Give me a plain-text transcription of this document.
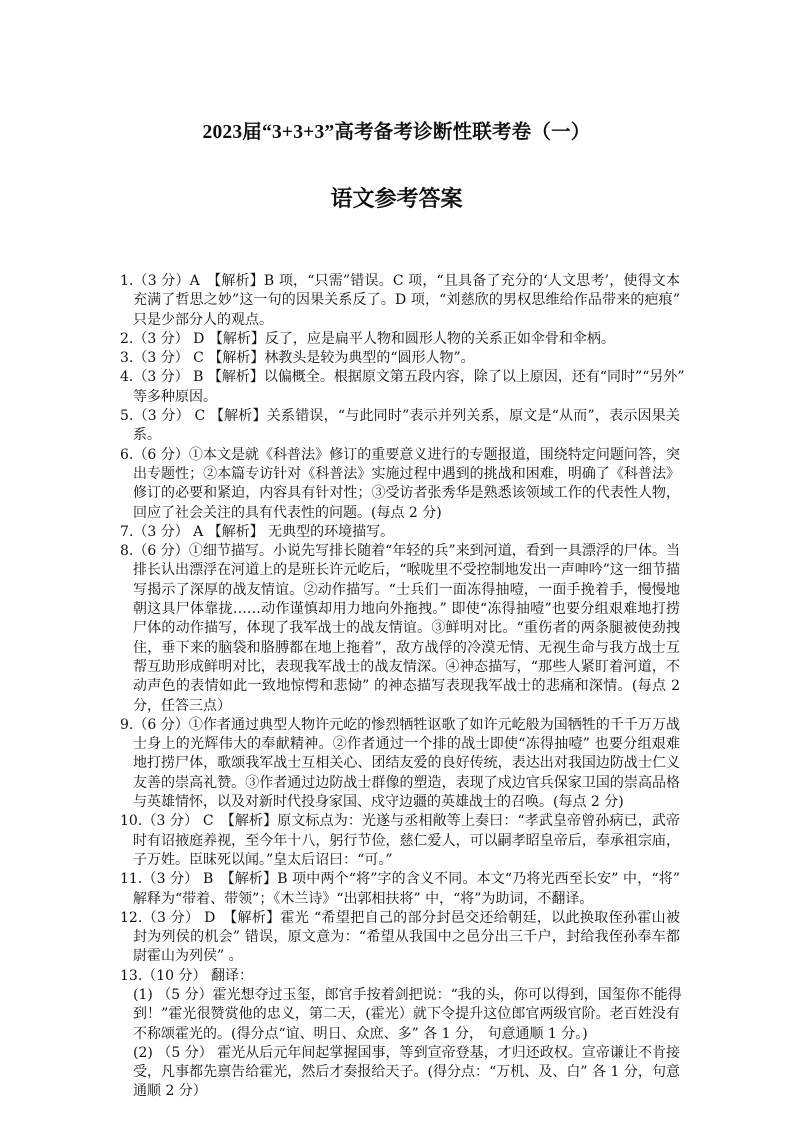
2023届“3+3+3”高考备考诊断性联考卷（一）
语文参考答案
1.（3 分）A　【解析】B 项，“只需”错误。C 项，“且具备了充分的‘人文思考’，使得文本
充满了哲思之妙”这一句的因果关系反了。D 项，“刘慈欣的男权思维给作品带来的疤痕”
只是少部分人的观点。
2.（3 分） D 【解析】反了，应是扁平人物和圆形人物的关系正如伞骨和伞柄。
3.（3 分） C 【解析】林教头是较为典型的“圆形人物”。
4.（3 分） B 【解析】以偏概全。根据原文第五段内容，除了以上原因，还有“同时”“另外”
等多种原因。
5.（3 分） C 【解析】关系错误，“与此同时”表示并列关系，原文是“从而”，表示因果关
系。
6.（6 分）①本文是就《科普法》修订的重要意义进行的专题报道，围绕特定问题问答，突
出专题性；②本篇专访针对《科普法》实施过程中遇到的挑战和困难，明确了《科普法》
修订的必要和紧迫，内容具有针对性；③受访者张秀华是熟悉该领域工作的代表性人物，
回应了社会关注的具有代表性的问题。(每点 2 分)
7.（3 分） A 【解析】 无典型的环境描写。
8.（6 分）①细节描写。小说先写排长随着“年轻的兵”来到河道，看到一具漂浮的尸体。当
排长认出漂浮在河道上的是班长许元屹后，“喉咙里不受控制地发出一声呻吟”这一细节描
写揭示了深厚的战友情谊。②动作描写。“士兵们一面冻得抽噎，一面手挽着手，慢慢地
朝这具尸体靠拢……动作谨慎却用力地向外拖拽。” 即使“冻得抽噎”也要分组艰难地打捞
尸体的动作描写，体现了我军战士的战友情谊。③鲜明对比。“重伤者的两条腿被使劲拽
住，垂下来的脑袋和胳膊都在地上拖着”，敌方战俘的冷漠无情、无视生命与我方战士互
帮互助形成鲜明对比，表现我军战士的战友情深。④神态描写，“那些人紧盯着河道，不
动声色的表情如此一致地惊愕和悲恸” 的神态描写表现我军战士的悲痛和深情。(每点 2
分，任答三点）
9.（6 分）①作者通过典型人物许元屹的惨烈牺牲讴歌了如许元屹般为国牺牲的千千万万战
士身上的光辉伟大的奉献精神。②作者通过一个排的战士即使“冻得抽噎” 也要分组艰难
地打捞尸体，歌颂我军战士互相关心、团结友爱的良好传统，表达出对我国边防战士仁义
友善的崇高礼赞。③作者通过边防战士群像的塑造，表现了戍边官兵保家卫国的崇高品格
与英雄情怀，以及对新时代投身家国、戍守边疆的英雄战士的召唤。(每点 2 分)
10.（3 分） C　【解析】原文标点为：光遂与丞相敞等上奏曰：“孝武皇帝曾孙病已，武帝
时有诏掖庭养视，至今年十八，躬行节俭，慈仁爱人，可以嗣孝昭皇帝后，奉承祖宗庙，
子万姓。臣昧死以闻。”皇太后诏曰：“可。”
11.（3 分） B　【解析】B 项中两个“将”字的含义不同。本文“乃将光西至长安” 中，“将”
解释为“带着、带领”；《木兰诗》“出郭相扶将” 中，“将”为助词，不翻译。
12.（3 分） D　【解析】霍光 “希望把自己的部分封邑交还给朝廷，以此换取侄孙霍山被
封为列侯的机会” 错误，原文意为：“希望从我国中之邑分出三千户，封给我侄孙奉车都
尉霍山为列侯” 。
13.（10 分） 翻译：
(1) （5 分）霍光想夺过玉玺，郎官手按着剑把说：“我的头，你可以得到，国玺你不能得
到！”霍光很赞赏他的忠义，第二天，(霍光）就下令提升这位郎官两级官阶。老百姓没有
不称颂霍光的。(得分点“谊、明日、众庶、多” 各 1 分， 句意通顺 1 分。)
(2) （5 分） 霍光从后元年间起掌握国事，等到宣帝登基，才归还政权。宣帝谦让不肯接
受，凡事都先禀告给霍光，然后才奏报给天子。(得分点：“万机、及、白” 各 1 分，句意
通顺 2 分）
